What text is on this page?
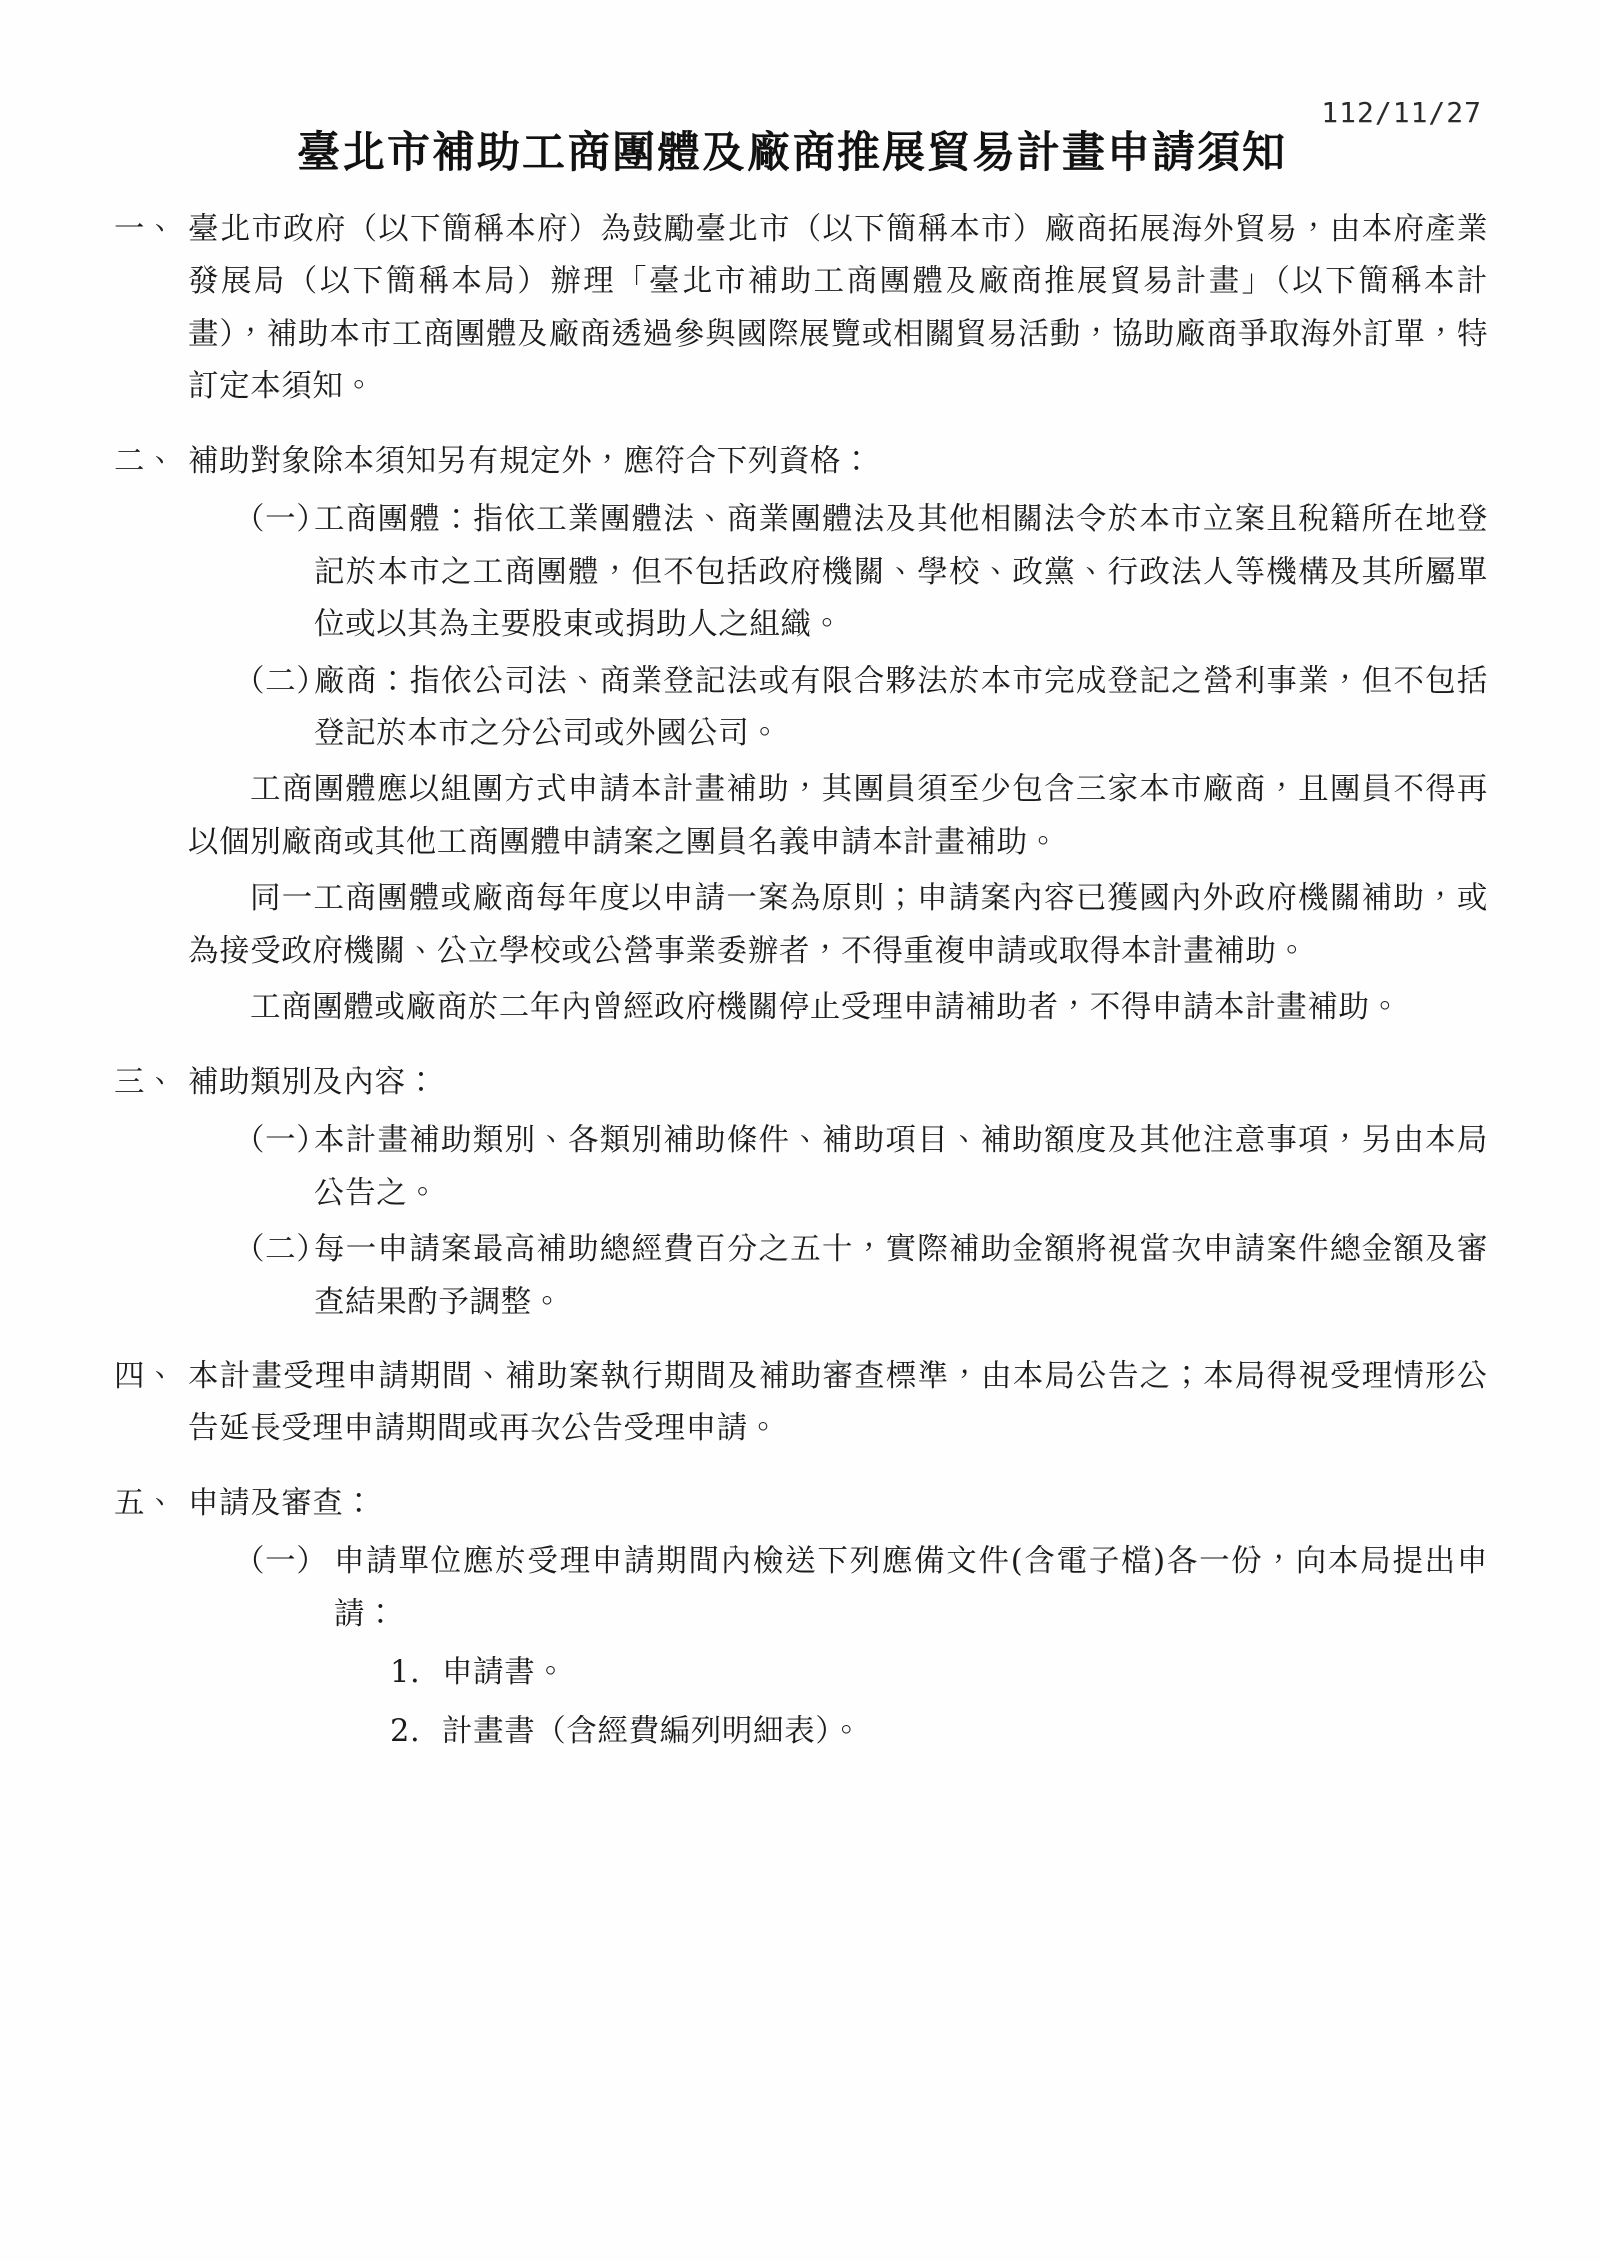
112/11/27
臺北市補助工商團體及廠商推展貿易計畫申請須知
一、 臺北市政府（以下簡稱本府）為鼓勵臺北市（以下簡稱本市）廠商拓展海外貿易，由本府產業發展局（以下簡稱本局）辦理「臺北市補助工商團體及廠商推展貿易計畫」（以下簡稱本計畫），補助本市工商團體及廠商透過參與國際展覽或相關貿易活動，協助廠商爭取海外訂單，特訂定本須知。
二、 補助對象除本須知另有規定外，應符合下列資格：
（一）
工商團體：指依工業團體法、商業團體法及其他相關法令於本市立案且稅籍所在地登記於本市之工商團體，但不包括政府機關、學校、政黨、行政法人等機構及其所屬單位或以其為主要股東或捐助人之組織。
（二）
廠商：指依公司法、商業登記法或有限合夥法於本市完成登記之營利事業，但不包括登記於本市之分公司或外國公司。
工商團體應以組團方式申請本計畫補助，其團員須至少包含三家本市廠商，且團員不得再以個別廠商或其他工商團體申請案之團員名義申請本計畫補助。
同一工商團體或廠商每年度以申請一案為原則；申請案內容已獲國內外政府機關補助，或為接受政府機關、公立學校或公營事業委辦者，不得重複申請或取得本計畫補助。
工商團體或廠商於二年內曾經政府機關停止受理申請補助者，不得申請本計畫補助。
三、 補助類別及內容：
（一）
本計畫補助類別、各類別補助條件、補助項目、補助額度及其他注意事項，另由本局公告之。
（二）
每一申請案最高補助總經費百分之五十，實際補助金額將視當次申請案件總金額及審查結果酌予調整。
四、 本計畫受理申請期間、補助案執行期間及補助審查標準，由本局公告之；本局得視受理情形公告延長受理申請期間或再次公告受理申請。
五、 申請及審查：
（一） 申請單位應於受理申請期間內檢送下列應備文件(含電子檔)各一份，向本局提出申請：
1. 申請書。
2. 計畫書（含經費編列明細表）。
